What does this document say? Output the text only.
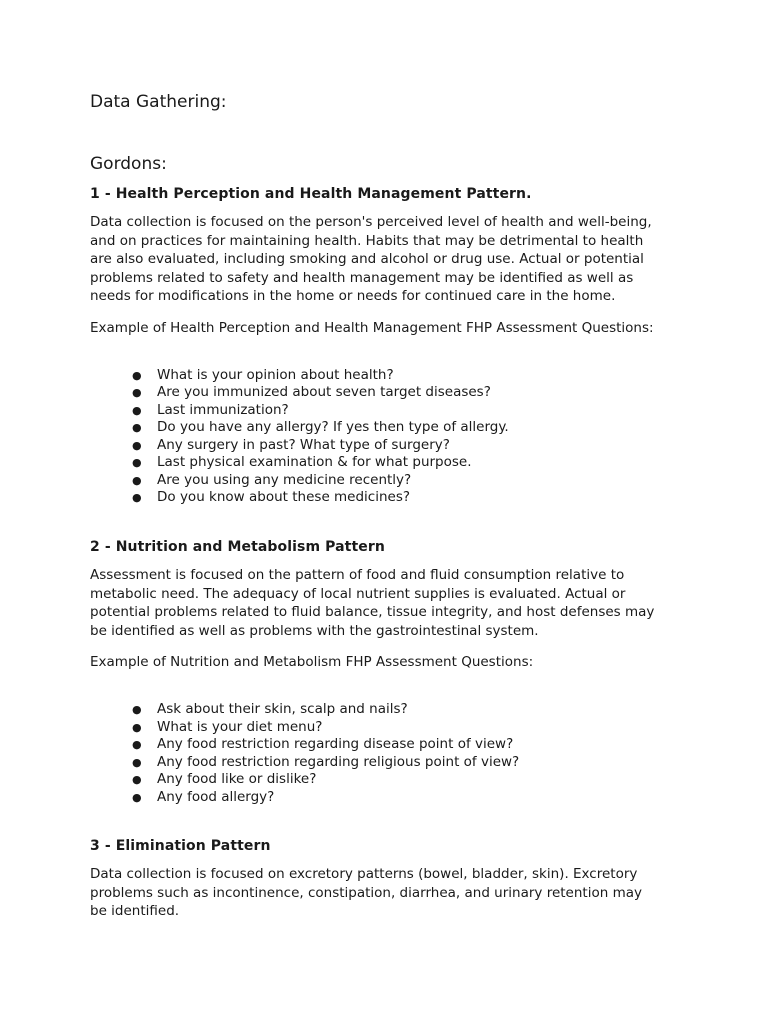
Data Gathering:
Gordons:
1 - Health Perception and Health Management Pattern.

Data collection is focused on the person's perceived level of health and well-being,
and on practices for maintaining health. Habits that may be detrimental to health
are also evaluated, including smoking and alcohol or drug use. Actual or potential
problems related to safety and health management may be identified as well as
needs for modifications in the home or needs for continued care in the home.

Example of Health Perception and Health Management FHP Assessment Questions:

● What is your opinion about health?
● Are you immunized about seven target diseases?
● Last immunization?
● Do you have any allergy? If yes then type of allergy.
● Any surgery in past? What type of surgery?
● Last physical examination & for what purpose.
● Are you using any medicine recently?
● Do you know about these medicines?
2 - Nutrition and Metabolism Pattern

Assessment is focused on the pattern of food and fluid consumption relative to
metabolic need. The adequacy of local nutrient supplies is evaluated. Actual or
potential problems related to fluid balance, tissue integrity, and host defenses may
be identified as well as problems with the gastrointestinal system.

Example of Nutrition and Metabolism FHP Assessment Questions:

● Ask about their skin, scalp and nails?
● What is your diet menu?
● Any food restriction regarding disease point of view?
● Any food restriction regarding religious point of view?
● Any food like or dislike?
● Any food allergy?
3 - Elimination Pattern

Data collection is focused on excretory patterns (bowel, bladder, skin). Excretory
problems such as incontinence, constipation, diarrhea, and urinary retention may
be identified.
